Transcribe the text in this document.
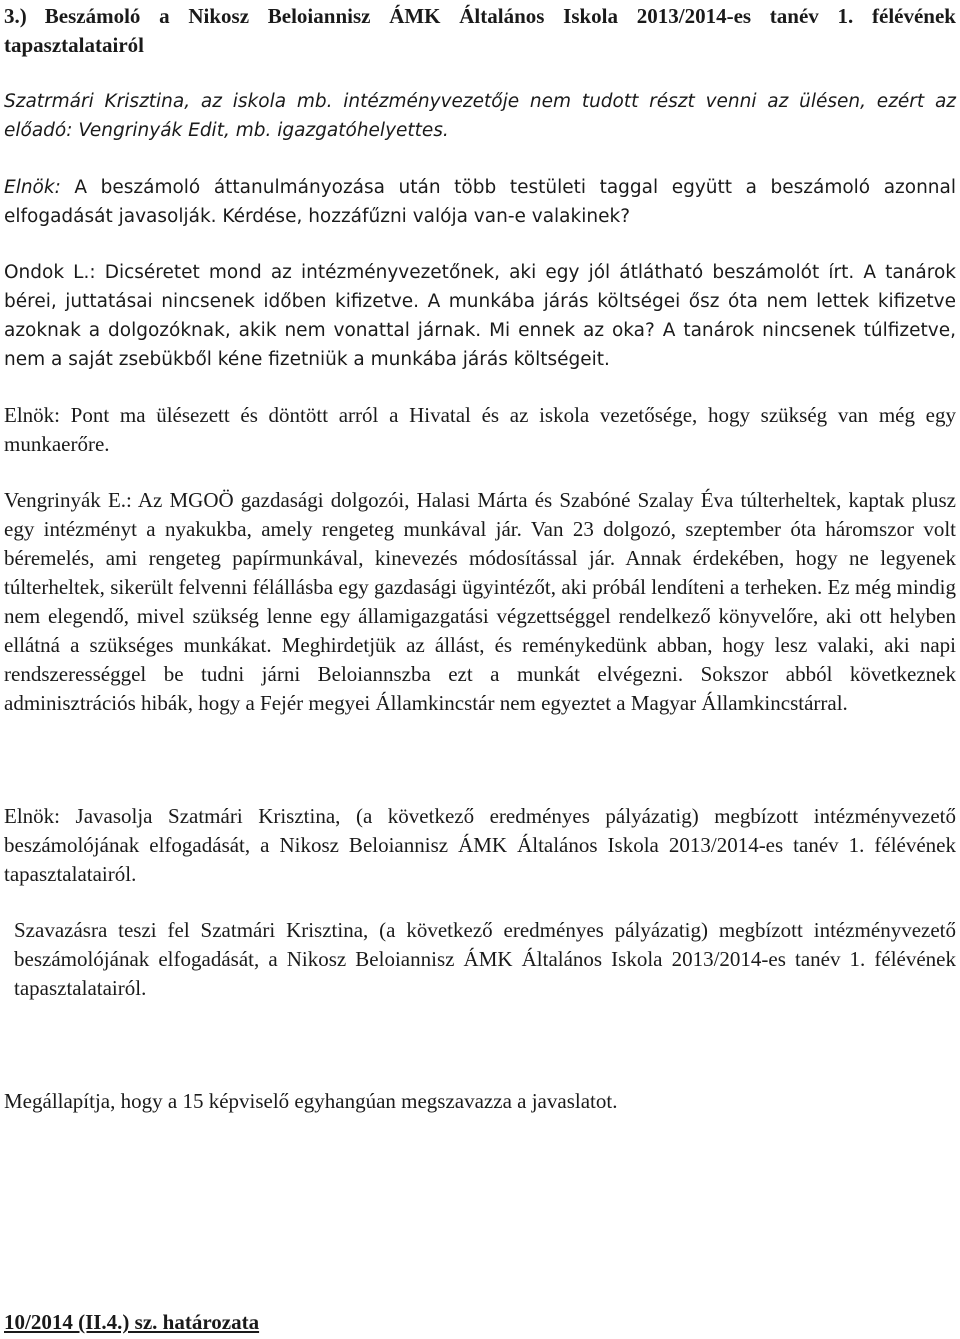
3.) Beszámoló a Nikosz Beloiannisz ÁMK Általános Iskola 2013/2014-es tanév 1. félévének tapasztalatairól
Szatrmári Krisztina, az iskola mb. intézményvezetője nem tudott részt venni az ülésen, ezért az előadó: Vengrinyák Edit, mb. igazgatóhelyettes.
Elnök: A beszámoló áttanulmányozása után több testületi taggal együtt a beszámoló azonnal elfogadását javasolják. Kérdése, hozzáfűzni valója van-e valakinek?
Ondok L.: Dicséretet mond az intézményvezetőnek, aki egy jól átlátható beszámolót írt. A tanárok bérei, juttatásai nincsenek időben kifizetve. A munkába járás költségei ősz óta nem lettek kifizetve azoknak a dolgozóknak, akik nem vonattal járnak. Mi ennek az oka? A tanárok nincsenek túlfizetve, nem a saját zsebükből kéne fizetniük a munkába járás költségeit.
Elnök: Pont ma ülésezett és döntött arról a Hivatal és az iskola vezetősége, hogy szükség van még egy munkaerőre.
Vengrinyák E.: Az MGOÖ gazdasági dolgozói, Halasi Márta és Szabóné Szalay Éva túlterheltek, kaptak plusz egy intézményt a nyakukba, amely rengeteg munkával jár. Van 23 dolgozó, szeptember óta háromszor volt béremelés, ami rengeteg papírmunkával, kinevezés módosítással jár. Annak érdekében, hogy ne legyenek túlterheltek, sikerült felvenni félállásba egy gazdasági ügyintézőt, aki próbál lendíteni a terheken. Ez még mindig nem elegendő, mivel szükség lenne egy államigazgatási végzettséggel rendelkező könyvelőre, aki ott helyben ellátná a szükséges munkákat. Meghirdetjük az állást, és reménykedünk abban, hogy lesz valaki, aki napi rendszerességgel be tudni járni Beloiannszba ezt a munkát elvégezni. Sokszor abból következnek adminisztrációs hibák, hogy a Fejér megyei Államkincstár nem egyeztet a Magyar Államkincstárral.
Elnök: Javasolja Szatmári Krisztina, (a következő eredményes pályázatig) megbízott intézményvezető beszámolójának elfogadását, a Nikosz Beloiannisz ÁMK Általános Iskola 2013/2014-es tanév 1. félévének tapasztalatairól.
Szavazásra teszi fel Szatmári Krisztina, (a következő eredményes pályázatig) megbízott intézményvezető beszámolójának elfogadását, a Nikosz Beloiannisz ÁMK Általános Iskola 2013/2014-es tanév 1. félévének tapasztalatairól.
Megállapítja, hogy a 15 képviselő egyhangúan megszavazza a javaslatot.
10/2014 (II.4.) sz. határozata
